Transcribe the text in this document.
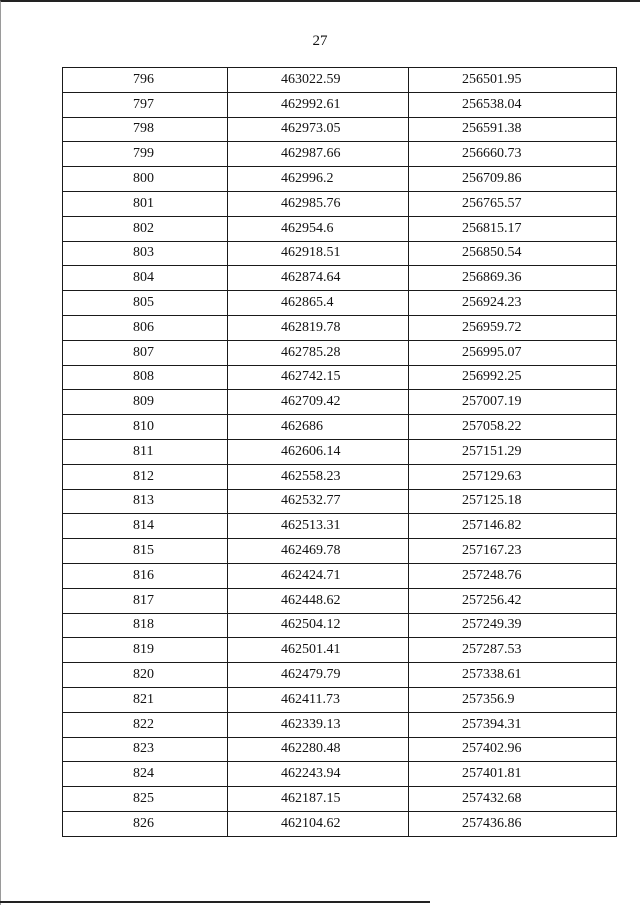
27
796	463022.59	256501.95
797	462992.61	256538.04
798	462973.05	256591.38
799	462987.66	256660.73
800	462996.2	256709.86
801	462985.76	256765.57
802	462954.6	256815.17
803	462918.51	256850.54
804	462874.64	256869.36
805	462865.4	256924.23
806	462819.78	256959.72
807	462785.28	256995.07
808	462742.15	256992.25
809	462709.42	257007.19
810	462686	257058.22
811	462606.14	257151.29
812	462558.23	257129.63
813	462532.77	257125.18
814	462513.31	257146.82
815	462469.78	257167.23
816	462424.71	257248.76
817	462448.62	257256.42
818	462504.12	257249.39
819	462501.41	257287.53
820	462479.79	257338.61
821	462411.73	257356.9
822	462339.13	257394.31
823	462280.48	257402.96
824	462243.94	257401.81
825	462187.15	257432.68
826	462104.62	257436.86
